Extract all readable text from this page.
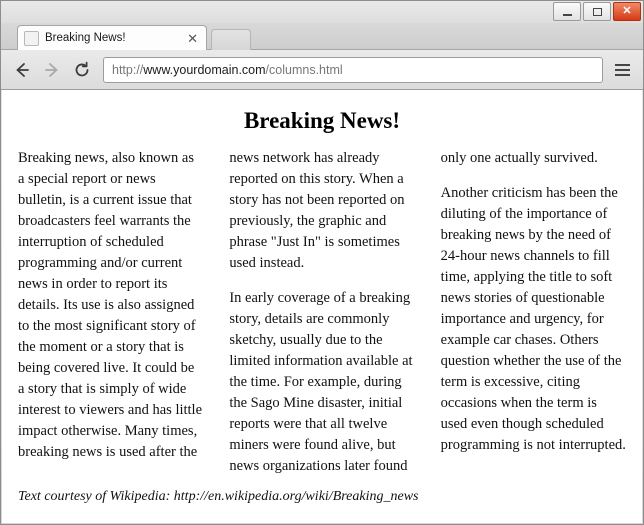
✕
Breaking News!	✕
http:// www.yourdomain.com /columns.html
Breaking News!

Breaking news, also known as a special report or news bulletin, is a current issue that broadcasters feel warrants the interruption of scheduled programming and/or current news in order to report its details. Its use is also assigned to the most significant story of the moment or a story that is being covered live. It could be a story that is simply of wide interest to viewers and has little impact otherwise. Many times, breaking news is used after the

news network has already reported on this story. When a story has not been reported on previously, the graphic and phrase "Just In" is sometimes used instead.

In early coverage of a breaking story, details are commonly sketchy, usually due to the limited information available at the time. For example, during the Sago Mine disaster, initial reports were that all twelve miners were found alive, but news organizations later found

only one actually survived.

Another criticism has been the diluting of the importance of breaking news by the need of 24-hour news channels to fill time, applying the title to soft news stories of questionable importance and urgency, for example car chases. Others question whether the use of the term is excessive, citing occasions when the term is used even though scheduled programming is not interrupted.

Text courtesy of Wikipedia: http://en.wikipedia.org/wiki/Breaking_news
